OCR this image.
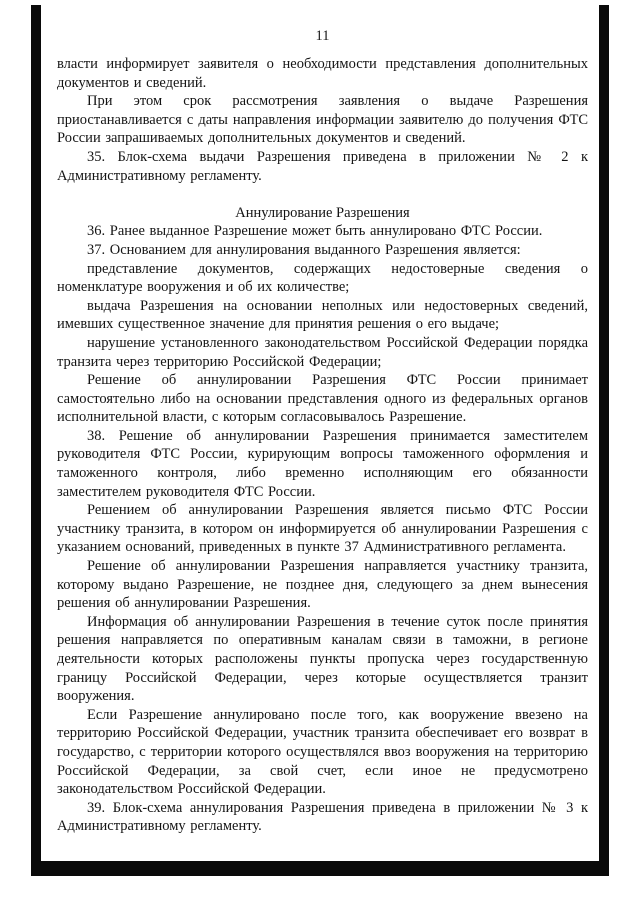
11

власти информирует заявителя о необходимости представления дополнительных документов и сведений.

При этом срок рассмотрения заявления о выдаче Разрешения приостанавливается с даты направления информации заявителю до получения ФТС России запрашиваемых дополнительных документов и сведений.

35. Блок-схема выдачи Разрешения приведена в приложении № 2 к Административному регламенту.

Аннулирование Разрешения

36. Ранее выданное Разрешение может быть аннулировано ФТС России.

37. Основанием для аннулирования выданного Разрешения является:

представление документов, содержащих недостоверные сведения о номенклатуре вооружения и об их количестве;

выдача Разрешения на основании неполных или недостоверных сведений, имевших существенное значение для принятия решения о его выдаче;

нарушение установленного законодательством Российской Федерации порядка транзита через территорию Российской Федерации;

Решение об аннулировании Разрешения ФТС России принимает самостоятельно либо на основании представления одного из федеральных органов исполнительной власти, с которым согласовывалось Разрешение.

38. Решение об аннулировании Разрешения принимается заместителем руководителя ФТС России, курирующим вопросы таможенного оформления и таможенного контроля, либо временно исполняющим его обязанности заместителем руководителя ФТС России.

Решением об аннулировании Разрешения является письмо ФТС России участнику транзита, в котором он информируется об аннулировании Разрешения с указанием оснований, приведенных в пункте 37 Административного регламента.

Решение об аннулировании Разрешения направляется участнику транзита, которому выдано Разрешение, не позднее дня, следующего за днем вынесения решения об аннулировании Разрешения.

Информация об аннулировании Разрешения в течение суток после принятия решения направляется по оперативным каналам связи в таможни, в регионе деятельности которых расположены пункты пропуска через государственную границу Российской Федерации, через которые осуществляется транзит вооружения.

Если Разрешение аннулировано после того, как вооружение ввезено на территорию Российской Федерации, участник транзита обеспечивает его возврат в государство, с территории которого осуществлялся ввоз вооружения на территорию Российской Федерации, за свой счет, если иное не предусмотрено законодательством Российской Федерации.

39. Блок-схема аннулирования Разрешения приведена в приложении № 3 к Административному регламенту.
